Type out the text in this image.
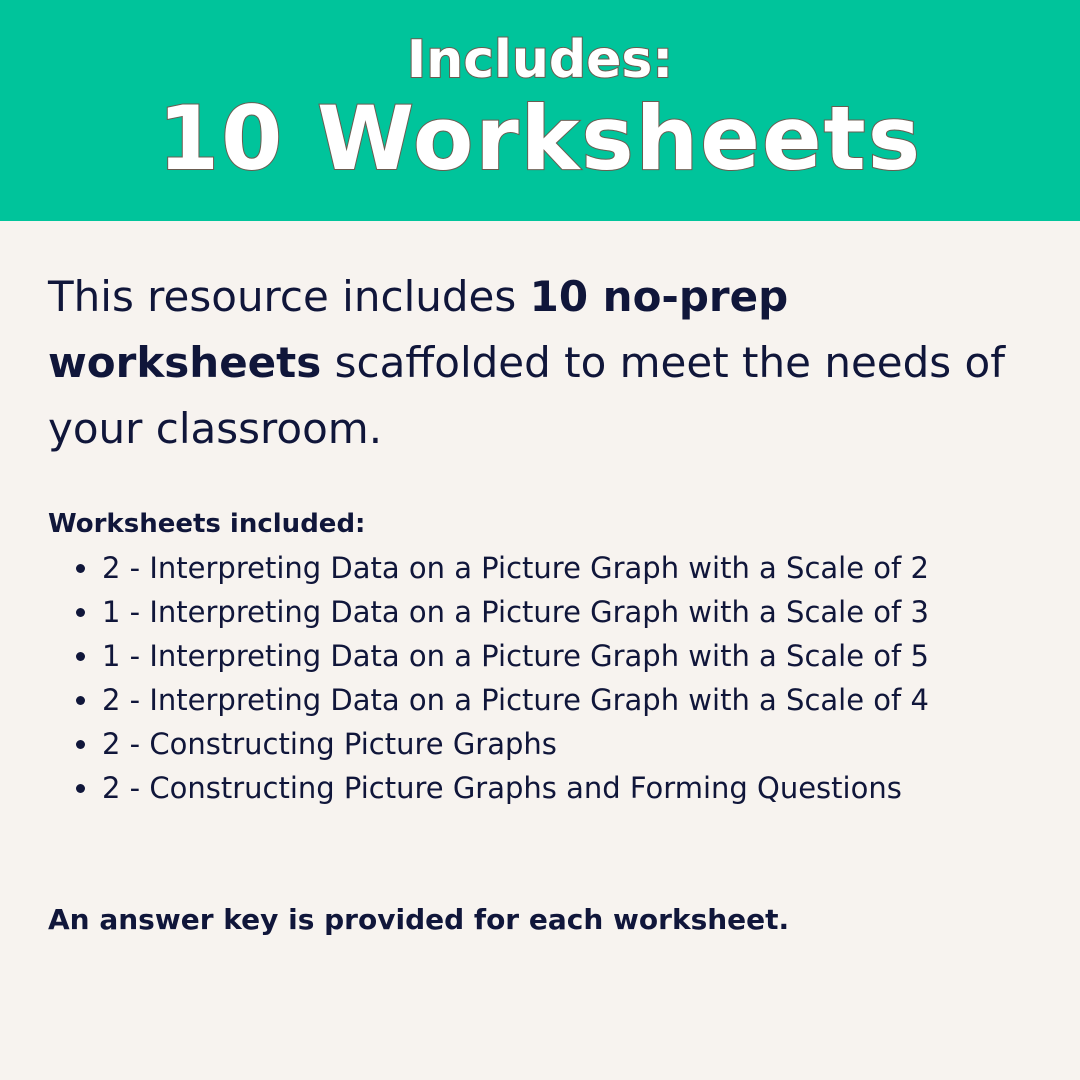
Includes:
10 Worksheets

This resource includes 10 no-prep worksheets scaffolded to meet the needs of your classroom.

Worksheets included:
2 - Interpreting Data on a Picture Graph with a Scale of 2
1 - Interpreting Data on a Picture Graph with a Scale of 3
1 - Interpreting Data on a Picture Graph with a Scale of 5
2 - Interpreting Data on a Picture Graph with a Scale of 4
2 - Constructing Picture Graphs
2 - Constructing Picture Graphs and Forming Questions

An answer key is provided for each worksheet.
